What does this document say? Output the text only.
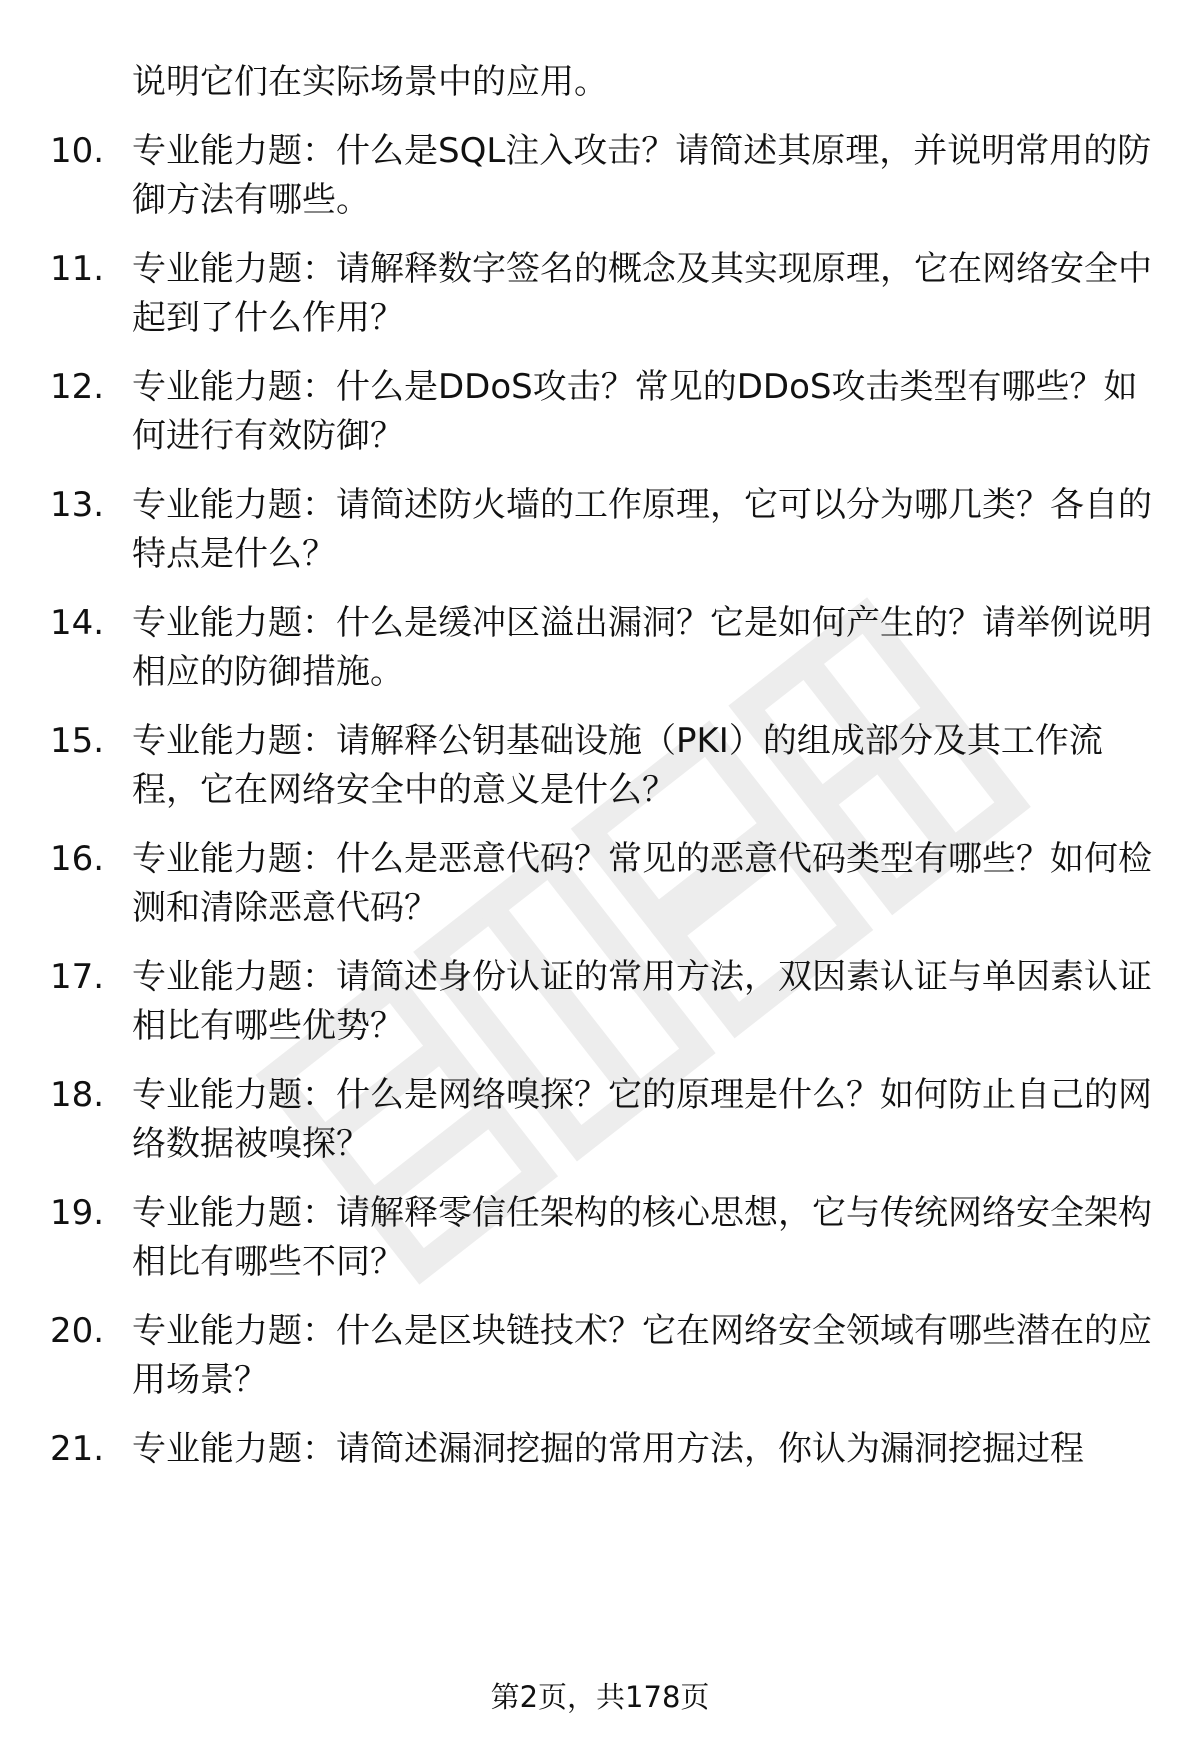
说明它们在实际场景中的应用。

10. 专业能力题：什么是SQL注入攻击？请简述其原理，并说明常用的防御方法有哪些。

11. 专业能力题：请解释数字签名的概念及其实现原理，它在网络安全中起到了什么作用？

12. 专业能力题：什么是DDoS攻击？常见的DDoS攻击类型有哪些？如何进行有效防御？

13. 专业能力题：请简述防火墙的工作原理，它可以分为哪几类？各自的特点是什么？

14. 专业能力题：什么是缓冲区溢出漏洞？它是如何产生的？请举例说明相应的防御措施。

15. 专业能力题：请解释公钥基础设施（PKI）的组成部分及其工作流程，它在网络安全中的意义是什么？

16. 专业能力题：什么是恶意代码？常见的恶意代码类型有哪些？如何检测和清除恶意代码？

17. 专业能力题：请简述身份认证的常用方法，双因素认证与单因素认证相比有哪些优势？

18. 专业能力题：什么是网络嗅探？它的原理是什么？如何防止自己的网络数据被嗅探？

19. 专业能力题：请解释零信任架构的核心思想，它与传统网络安全架构相比有哪些不同？

20. 专业能力题：什么是区块链技术？它在网络安全领域有哪些潜在的应用场景？

21. 专业能力题：请简述漏洞挖掘的常用方法，你认为漏洞挖掘过程

第2页，共178页
